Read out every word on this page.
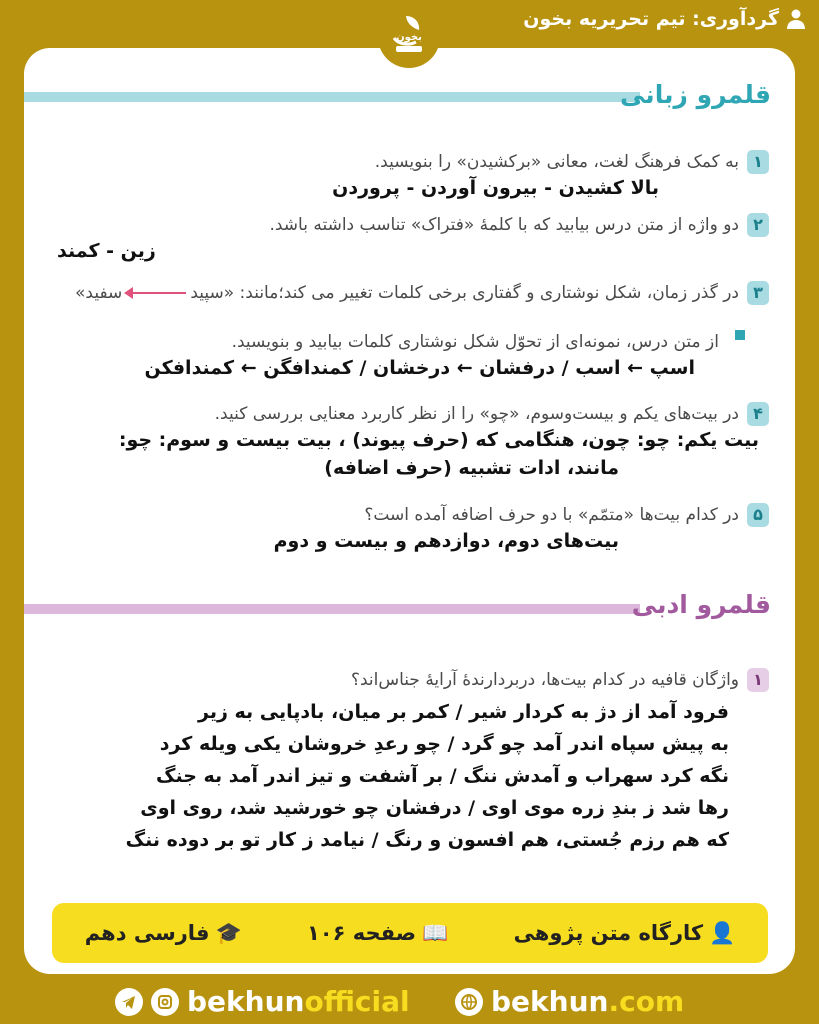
گردآوری: تیم تحریریه بخون
بخون
قلمرو زبانی
۱
به کمک فرهنگ لغت، معانی «برکشیدن» را بنویسید.
بالا کشیدن - بیرون آوردن - پروردن
۲
دو واژه از متن درس بیابید که با کلمهٔ «فتراک» تناسب داشته باشد.
زین - کمند
۳
در گذر زمان، شکل نوشتاری و گفتاری برخی کلمات تغییر می کند؛مانند: «سپیدسفید»
از متن درس، نمونه‌ای از تحوّل شکل نوشتاری کلمات بیابید و بنویسید.
اسپ ← اسب / درفشان ← درخشان / کمندافگن ← کمندافکن
۴
در بیت‌های یکم و بیست‌وسوم، «چو» را از نظر کاربرد معنایی بررسی کنید.
بیت یکم: چو: چون، هنگامی که (حرف پیوند) ، بیت بیست و سوم: چو:
مانند، ادات تشبیه (حرف اضافه)
۵
در کدام بیت‌ها «متمّم» با دو حرف اضافه آمده است؟
بیت‌های دوم، دوازدهم و بیست و دوم
قلمرو ادبی
۱
واژگان قافیه در کدام بیت‌ها، دربردارندهٔ آرایهٔ جناس‌اند؟
فرود آمد از دژ به کردار شیر / کمر بر میان، بادپایی به زیر
به پیش سپاه اندر آمد چو گرد / چو رعدِ خروشان یکی ویله کرد
نگه کرد سهراب و آمدش ننگ / بر آشفت و تیز اندر آمد به جنگ
رها شد ز بندِ زره موی اوی / درفشان چو خورشید شد، روی اوی
که هم رزم جُستی، هم افسون و رنگ / نیامد ز کار تو بر دوده ننگ
👤
کارگاه متن پژوهی
📖
صفحه ۱۰۶
🎓
فارسی دهم
bekhunofficial	bekhun.com
